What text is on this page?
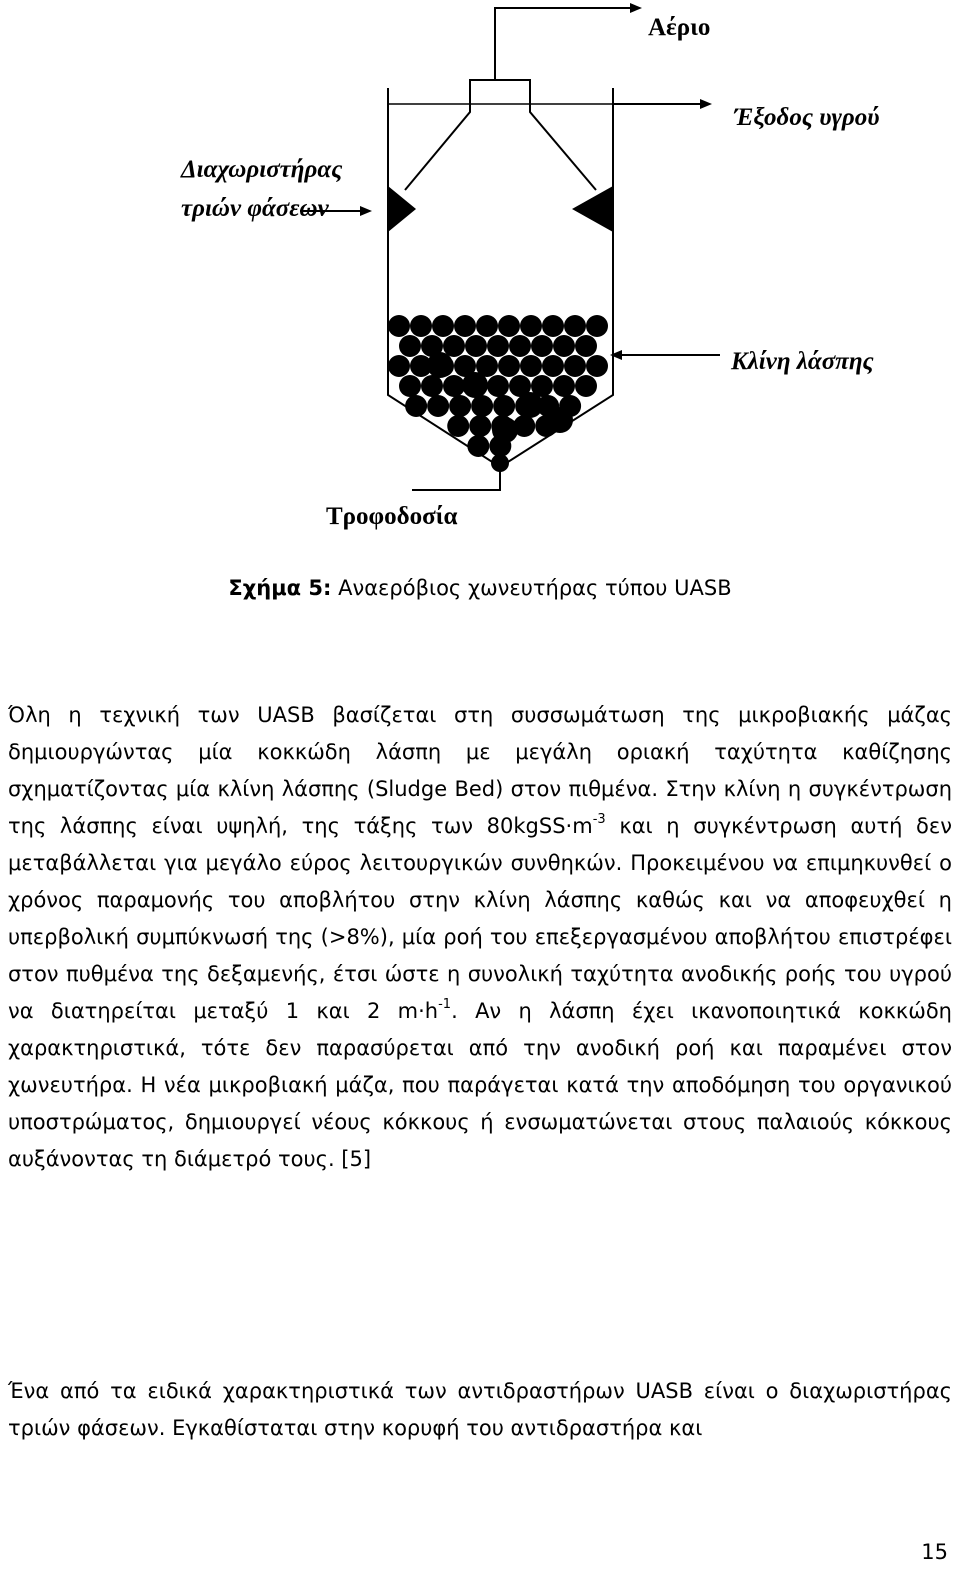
Αέριο
Έξοδος υγρού
Διαχωριστήρας
τριών φάσεων
Κλίνη λάσπης
Τροφοδοσία
Σχήμα 5: Αναερόβιος χωνευτήρας τύπου UASB
Όλη η τεχνική των UASB βασίζεται στη συσσωμάτωση της μικροβιακής μάζας δημιουργώντας μία κοκκώδη λάσπη με μεγάλη οριακή ταχύτητα καθίζησης σχηματίζοντας μία κλίνη λάσπης (Sludge Bed) στον πιθμένα. Στην κλίνη η συγκέντρωση της λάσπης είναι υψηλή, της τάξης των $80kgSS\cdot m^{-3}$ και η συγκέντρωση αυτή δεν μεταβάλλεται για μεγάλο εύρος λειτουργικών συνθηκών. Προκειμένου να επιμηκυνθεί ο χρόνος παραμονής του αποβλήτου στην κλίνη λάσπης καθώς και να αποφευχθεί η υπερβολική συμπύκνωσή της (>8%), μία ροή του επεξεργασμένου αποβλήτου επιστρέφει στον πυθμένα της δεξαμενής, έτσι ώστε η συνολική ταχύτητα ανοδικής ροής του υγρού να διατηρείται μεταξύ 1 και 2 $m\cdot h^{-1}$. Αν η λάσπη έχει ικανοποιητικά κοκκώδη χαρακτηριστικά, τότε δεν παρασύρεται από την ανοδική ροή και παραμένει στον χωνευτήρα. Η νέα μικροβιακή μάζα, που παράγεται κατά την αποδόμηση του οργανικού υποστρώματος, δημιουργεί νέους κόκκους ή ενσωματώνεται στους παλαιούς κόκκους αυξάνοντας τη διάμετρό τους. [5]
Ένα από τα ειδικά χαρακτηριστικά των αντιδραστήρων UASB είναι ο διαχωριστήρας τριών φάσεων. Εγκαθίσταται στην κορυφή του αντιδραστήρα και
15
